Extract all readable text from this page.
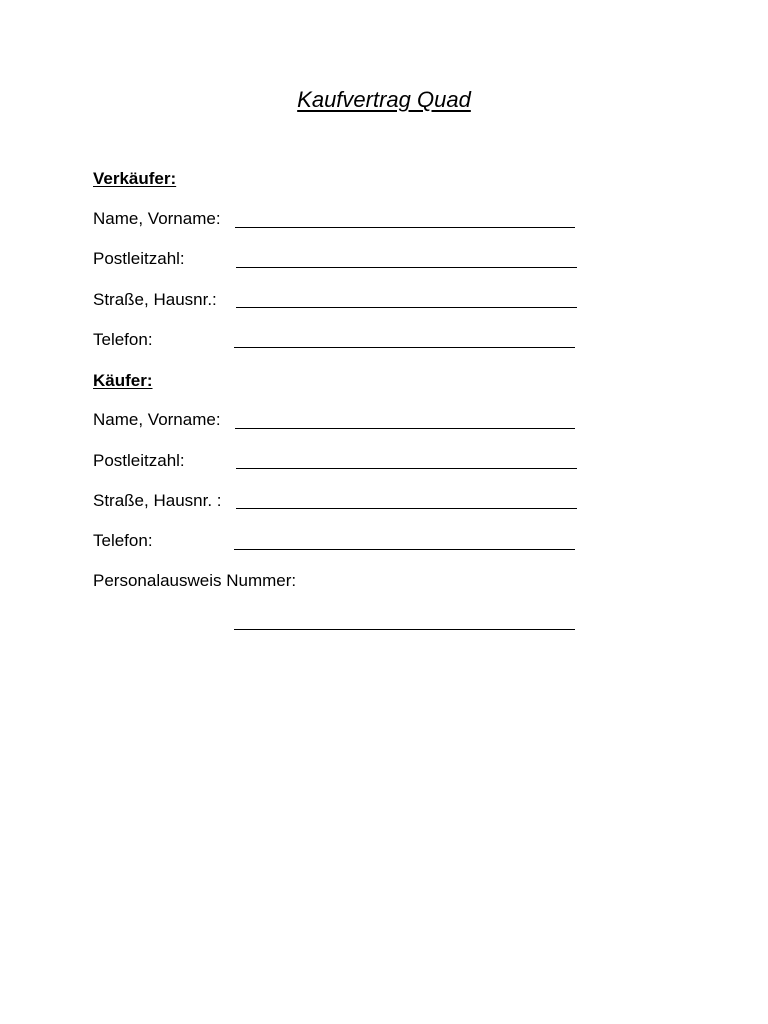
Kaufvertrag Quad
Verkäufer:
Name, Vorname:
Postleitzahl:
Straße, Hausnr.:
Telefon:
Käufer:
Name, Vorname:
Postleitzahl:
Straße, Hausnr. :
Telefon:
Personalausweis Nummer:
